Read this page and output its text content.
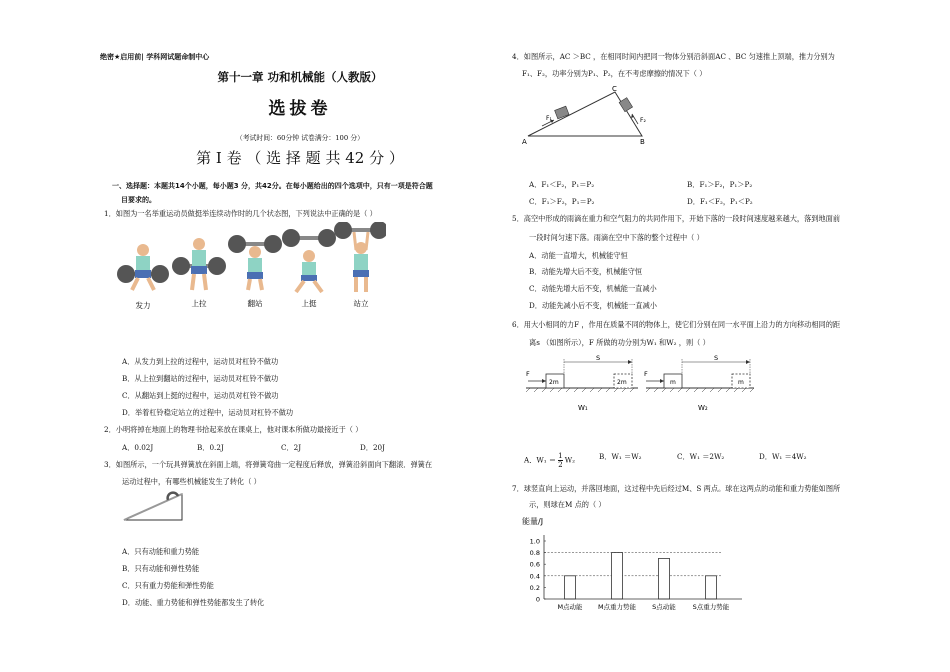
绝密★启用前| 学科网试题命制中心
第十一章 功和机械能（人教版）
选拔卷
（考试时间：60分钟 试卷满分：100 分）
第 Ⅰ 卷 （ 选 择 题 共 42 分 ）
一、选择题：本题共14个小题，每小题3 分，共42分。在每小题给出的四个选项中，只有一项是符合题
目要求的。
1．如图为一名举重运动员做挺举连续动作时的几个状态图，下列说法中正确的是（ ）
发力	上拉	翻站	上挺	站立
A．从发力到上拉的过程中，运动员对杠铃不做功
B．从上拉到翻站的过程中，运动员对杠铃不做功
C．从翻站到上挺的过程中，运动员对杠铃不做功
D．举着杠铃稳定站立的过程中，运动员对杠铃不做功
2．小明将掉在地面上的物理书拾起来放在课桌上，他对课本所做功最接近于（ ）
A．0.02J	B．0.2J	C．2J	D．20J
3．如图所示，一个玩具弹簧放在斜面上端，将弹簧弯曲一定程度后释放，弹簧沿斜面向下翻滚．弹簧在
运动过程中，有哪些机械能发生了转化（ ）
A．只有动能和重力势能
B．只有动能和弹性势能
C．只有重力势能和弹性势能
D．动能、重力势能和弹性势能都发生了转化
4．如图所示，AC ＞BC ，在相同时间内把同一物体分别沿斜面AC 、BC 匀速推上顶端，推力分别为
F₁、F₂，功率分别为P₁、P₂，在不考虑摩擦的情况下（ ）
A	B
C
F₁	F₂
A．F₁＜F₂，P₁＝P₂	B．F₁＞F₂，P₁＞P₂
C．F₁＞F₂，P₁＝P₂	D．F₁＜F₂，P₁＜P₂
5．高空中形成的雨滴在重力和空气阻力的共同作用下，开始下落的一段时间速度越来越大，落到地面前
一段时间匀速下落。雨滴在空中下落的整个过程中（ ）
A．动能一直增大，机械能守恒
B．动能先增大后不变，机械能守恒
C．动能先增大后不变，机械能一直减小
D．动能先减小后不变，机械能一直减小
6．用大小相同的力F ，作用在质量不同的物体上，使它们分别在同一水平面上沿力的方向移动相同的距
离s （如图所示），F 所做的功分别为W₁ 和W₂ ，则（ ）
F
S
2m	2m
W₁
F
S
m	m
W₂
A．$W_1 = \frac{1}{2} W_2$	B．W₁ ＝W₂	C．W₁ ＝2W₂	D．W₁ ＝4W₂
7．球竖直向上运动，并落回地面，这过程中先后经过M、S 两点。球在这两点的动能和重力势能如图所
示，则球在M 点的（ ）
能量/J
1.0
0.8
0.6
0.4
0.2
0
M点动能 M点重力势能 S点动能	S点重力势能
